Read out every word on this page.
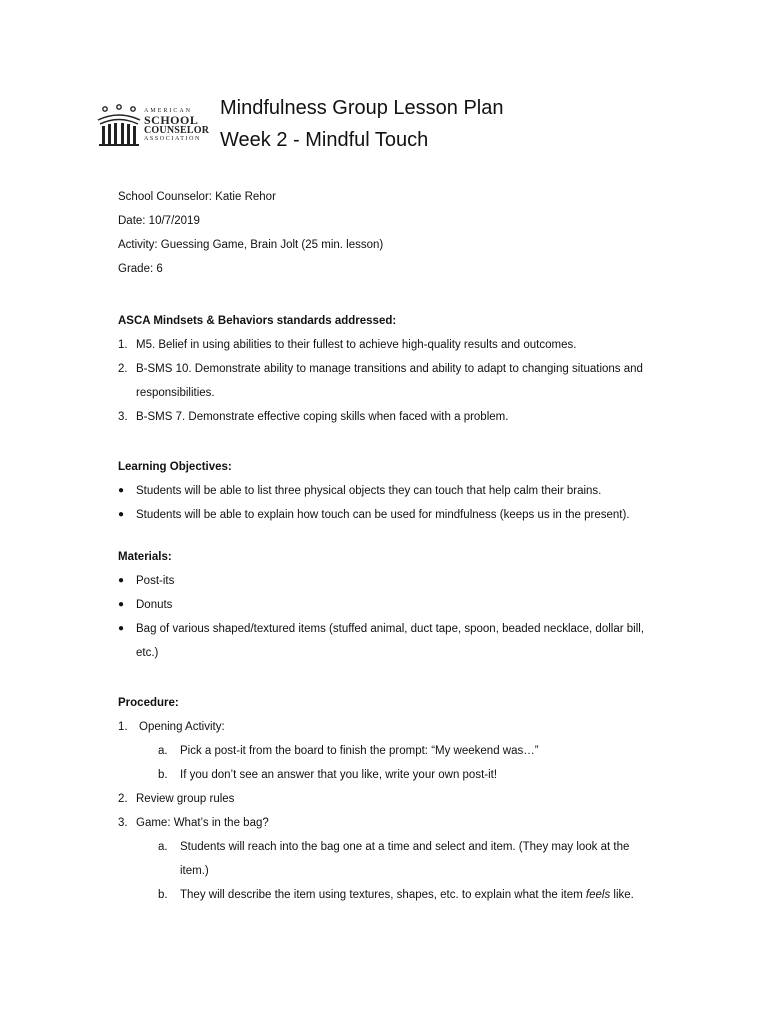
AMERICAN
SCHOOL
COUNSELOR
ASSOCIATION
Mindfulness Group Lesson Plan
Week 2 - Mindful Touch
School Counselor: Katie Rehor
Date: 10/7/2019
Activity: Guessing Game, Brain Jolt (25 min. lesson)
Grade: 6
ASCA Mindsets & Behaviors standards addressed:
1. M5. Belief in using abilities to their fullest to achieve high-quality results and outcomes.
2. B-SMS 10. Demonstrate ability to manage transitions and ability to adapt to changing situations and
responsibilities.
3. B-SMS 7. Demonstrate effective coping skills when faced with a problem.
Learning Objectives:
●	Students will be able to list three physical objects they can touch that help calm their brains.
●	Students will be able to explain how touch can be used for mindfulness (keeps us in the present).
Materials:
●	Post-its
●	Donuts
●	Bag of various shaped/textured items (stuffed animal, duct tape, spoon, beaded necklace, dollar bill,
etc.)
Procedure:
1. Opening Activity:
a.	Pick a post-it from the board to finish the prompt: “My weekend was…”
b.	If you don’t see an answer that you like, write your own post-it!
2. Review group rules
3. Game: What’s in the bag?
a.	Students will reach into the bag one at a time and select and item. (They may look at the
item.)
b.	They will describe the item using textures, shapes, etc. to explain what the item feels like.
